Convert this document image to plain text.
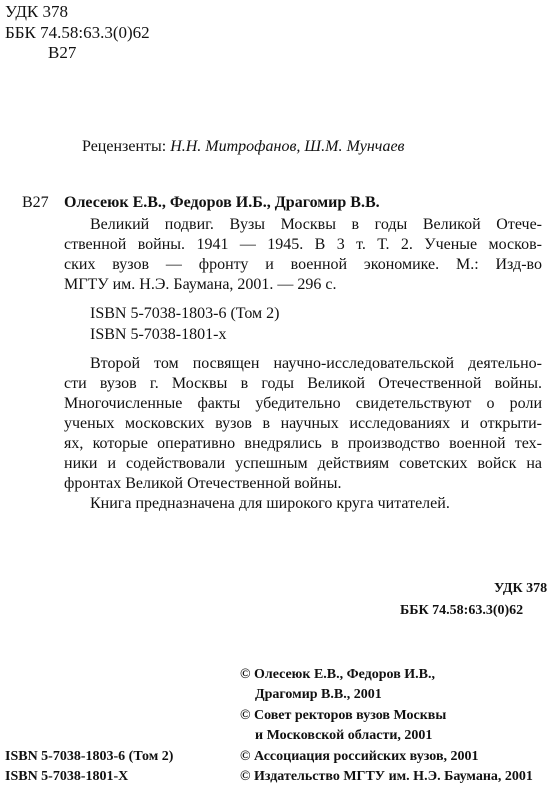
УДК 378
ББК 74.58:63.3(0)62
В27
Рецензенты: Н.Н. Митрофанов, Ш.М. Мунчаев
В27 Олесеюк Е.В., Федоров И.Б., Драгомир В.В.
Великий подвиг. Вузы Москвы в годы Великой Отече-
ственной войны. 1941 — 1945. В 3 т. Т. 2. Ученые москов-
ских вузов — фронту и военной экономике. М.: Изд-во
МГТУ им. Н.Э. Баумана, 2001. — 296 с.
ISBN 5-7038-1803-6 (Том 2)
ISBN 5-7038-1801-х
Второй том посвящен научно-исследовательской деятельно-
сти вузов г. Москвы в годы Великой Отечественной войны.
Многочисленные факты убедительно свидетельствуют о роли
ученых московских вузов в научных исследованиях и открыти-
ях, которые оперативно внедрялись в производство военной тех-
ники и содействовали успешным действиям советских войск на
фронтах Великой Отечественной войны.
Книга предназначена для широкого круга читателей.
УДК 378
ББК 74.58:63.3(0)62
© Олесеюк Е.В., Федоров И.В.,
Драгомир В.В., 2001
© Совет ректоров вузов Москвы
и Московской области, 2001
© Ассоциация российских вузов, 2001
© Издательство МГТУ им. Н.Э. Баумана, 2001
ISBN 5-7038-1803-6 (Том 2)
ISBN 5-7038-1801-Х
